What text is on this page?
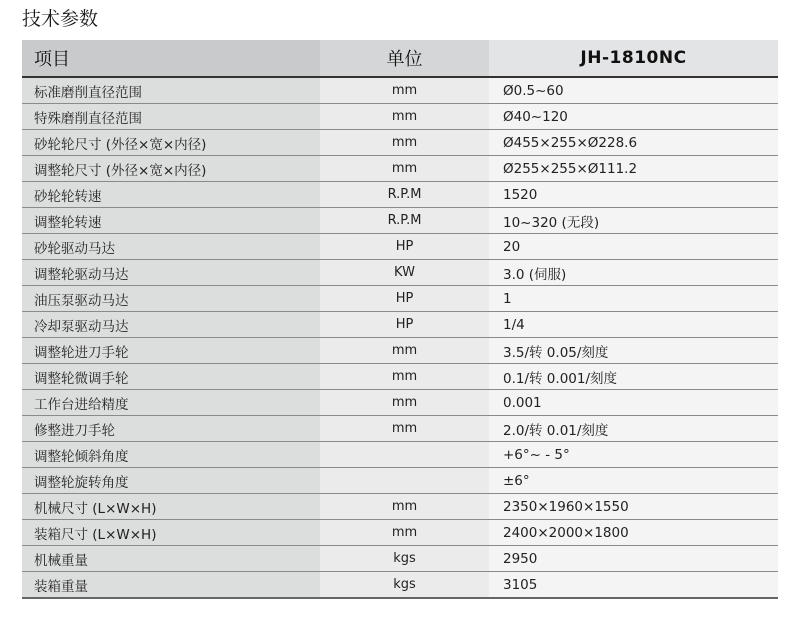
技术参数
项目	单位	JH-1810NC
标准磨削直径范围	mm	Ø0.5~60
特殊磨削直径范围	mm	Ø40~120
砂轮轮尺寸 (外径×宽×内径)	mm	Ø455×255×Ø228.6
调整轮尺寸 (外径×宽×内径)	mm	Ø255×255×Ø111.2
砂轮轮转速	R.P.M	1520
调整轮转速	R.P.M	10~320 (无段)
砂轮驱动马达	HP	20
调整轮驱动马达	KW	3.0 (伺服)
油压泵驱动马达	HP	1
冷却泵驱动马达	HP	1/4
调整轮进刀手轮	mm	3.5/转 0.05/刻度
调整轮微调手轮	mm	0.1/转 0.001/刻度
工作台进给精度	mm	0.001
修整进刀手轮	mm	2.0/转 0.01/刻度
调整轮倾斜角度		+6°~ - 5°
调整轮旋转角度		±6°
机械尺寸 (L×W×H)	mm	2350×1960×1550
装箱尺寸 (L×W×H)	mm	2400×2000×1800
机械重量	kgs	2950
装箱重量	kgs	3105
